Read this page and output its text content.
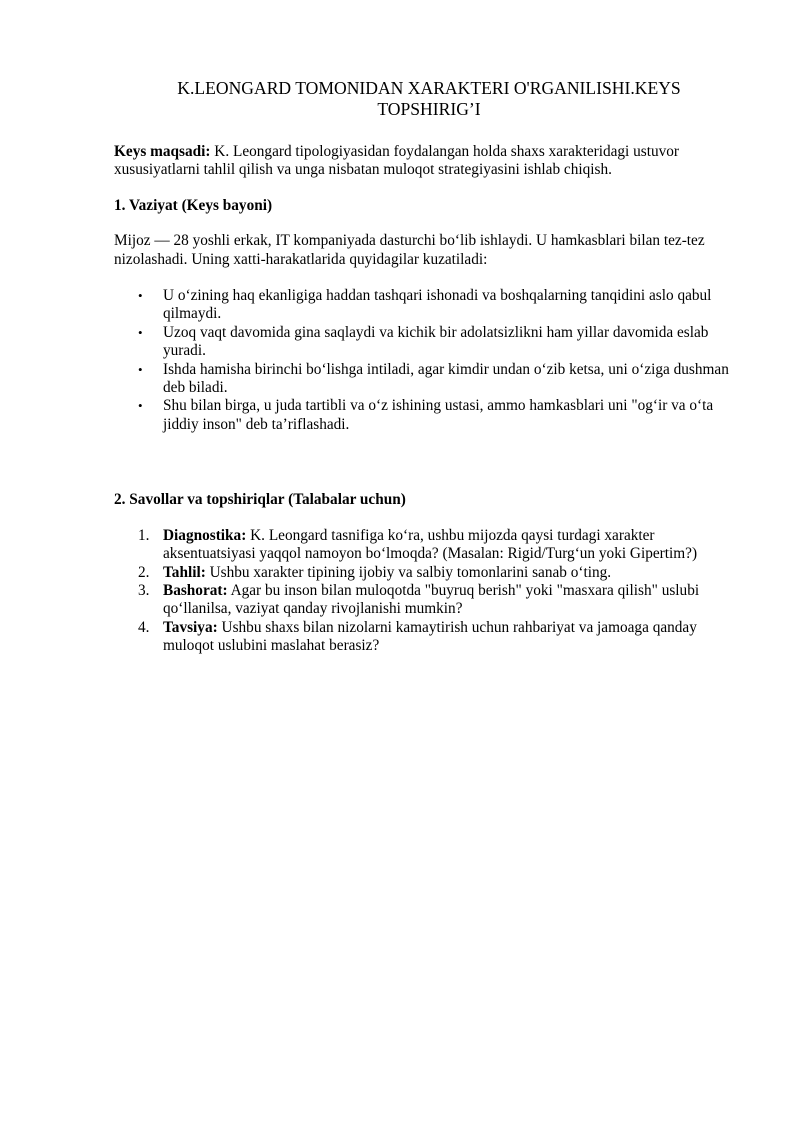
K.LEONGARD TOMONIDAN XARAKTERI O'RGANILISHI.KEYS
TOPSHIRIG’I

Keys maqsadi: K. Leongard tipologiyasidan foydalangan holda shaxs xarakteridagi ustuvor xususiyatlarni tahlil qilish va unga nisbatan muloqot strategiyasini ishlab chiqish.

1. Vaziyat (Keys bayoni)

Mijoz — 28 yoshli erkak, IT kompaniyada dasturchi bo‘lib ishlaydi. U hamkasblari bilan tez-tez nizolashadi. Uning xatti-harakatlarida quyidagilar kuzatiladi:

• U o‘zining haq ekanligiga haddan tashqari ishonadi va boshqalarning tanqidini aslo qabul qilmaydi.
• Uzoq vaqt davomida gina saqlaydi va kichik bir adolatsizlikni ham yillar davomida eslab yuradi.
• Ishda hamisha birinchi bo‘lishga intiladi, agar kimdir undan o‘zib ketsa, uni o‘ziga dushman deb biladi.
• Shu bilan birga, u juda tartibli va o‘z ishining ustasi, ammo hamkasblari uni "og‘ir va o‘ta jiddiy inson" deb ta’riflashadi.

2. Savollar va topshiriqlar (Talabalar uchun)

1. Diagnostika: K. Leongard tasnifiga ko‘ra, ushbu mijozda qaysi turdagi xarakter aksentuatsiyasi yaqqol namoyon bo‘lmoqda? (Masalan: Rigid/Turg‘un yoki Gipertim?)
2. Tahlil: Ushbu xarakter tipining ijobiy va salbiy tomonlarini sanab o‘ting.
3. Bashorat: Agar bu inson bilan muloqotda "buyruq berish" yoki "masxara qilish" uslubi qo‘llanilsa, vaziyat qanday rivojlanishi mumkin?
4. Tavsiya: Ushbu shaxs bilan nizolarni kamaytirish uchun rahbariyat va jamoaga qanday muloqot uslubini maslahat berasiz?
